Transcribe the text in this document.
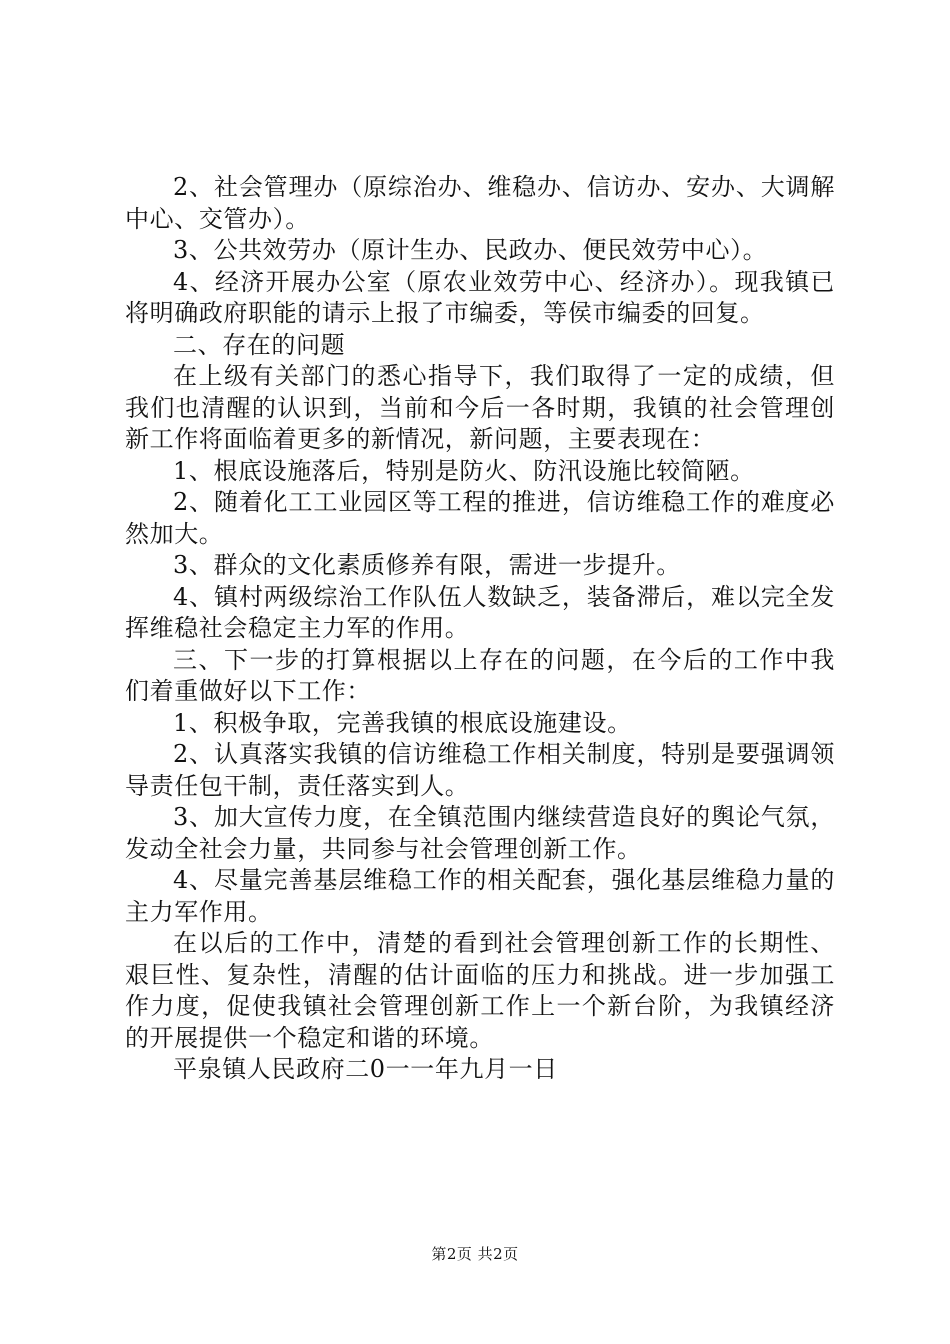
2、社会管理办（原综治办、维稳办、信访办、安办、大调解中心、交管办）。

3、公共效劳办（原计生办、民政办、便民效劳中心）。

4、经济开展办公室（原农业效劳中心、经济办）。现我镇已将明确政府职能的请示上报了市编委，等侯市编委的回复。

二、存在的问题

在上级有关部门的悉心指导下，我们取得了一定的成绩，但我们也清醒的认识到，当前和今后一各时期，我镇的社会管理创新工作将面临着更多的新情况，新问题，主要表现在：

1、根底设施落后，特别是防火、防汛设施比较简陋。

2、随着化工工业园区等工程的推进，信访维稳工作的难度必然加大。

3、群众的文化素质修养有限，需进一步提升。

4、镇村两级综治工作队伍人数缺乏，装备滞后，难以完全发挥维稳社会稳定主力军的作用。

三、下一步的打算根据以上存在的问题，在今后的工作中我们着重做好以下工作：

1、积极争取，完善我镇的根底设施建设。

2、认真落实我镇的信访维稳工作相关制度，特别是要强调领导责任包干制，责任落实到人。

3、加大宣传力度，在全镇范围内继续营造良好的舆论气氛，发动全社会力量，共同参与社会管理创新工作。

4、尽量完善基层维稳工作的相关配套，强化基层维稳力量的主力军作用。

在以后的工作中，清楚的看到社会管理创新工作的长期性、艰巨性、复杂性，清醒的估计面临的压力和挑战。进一步加强工作力度，促使我镇社会管理创新工作上一个新台阶，为我镇经济的开展提供一个稳定和谐的环境。

平泉镇人民政府二0一一年九月一日

第2页 共2页
